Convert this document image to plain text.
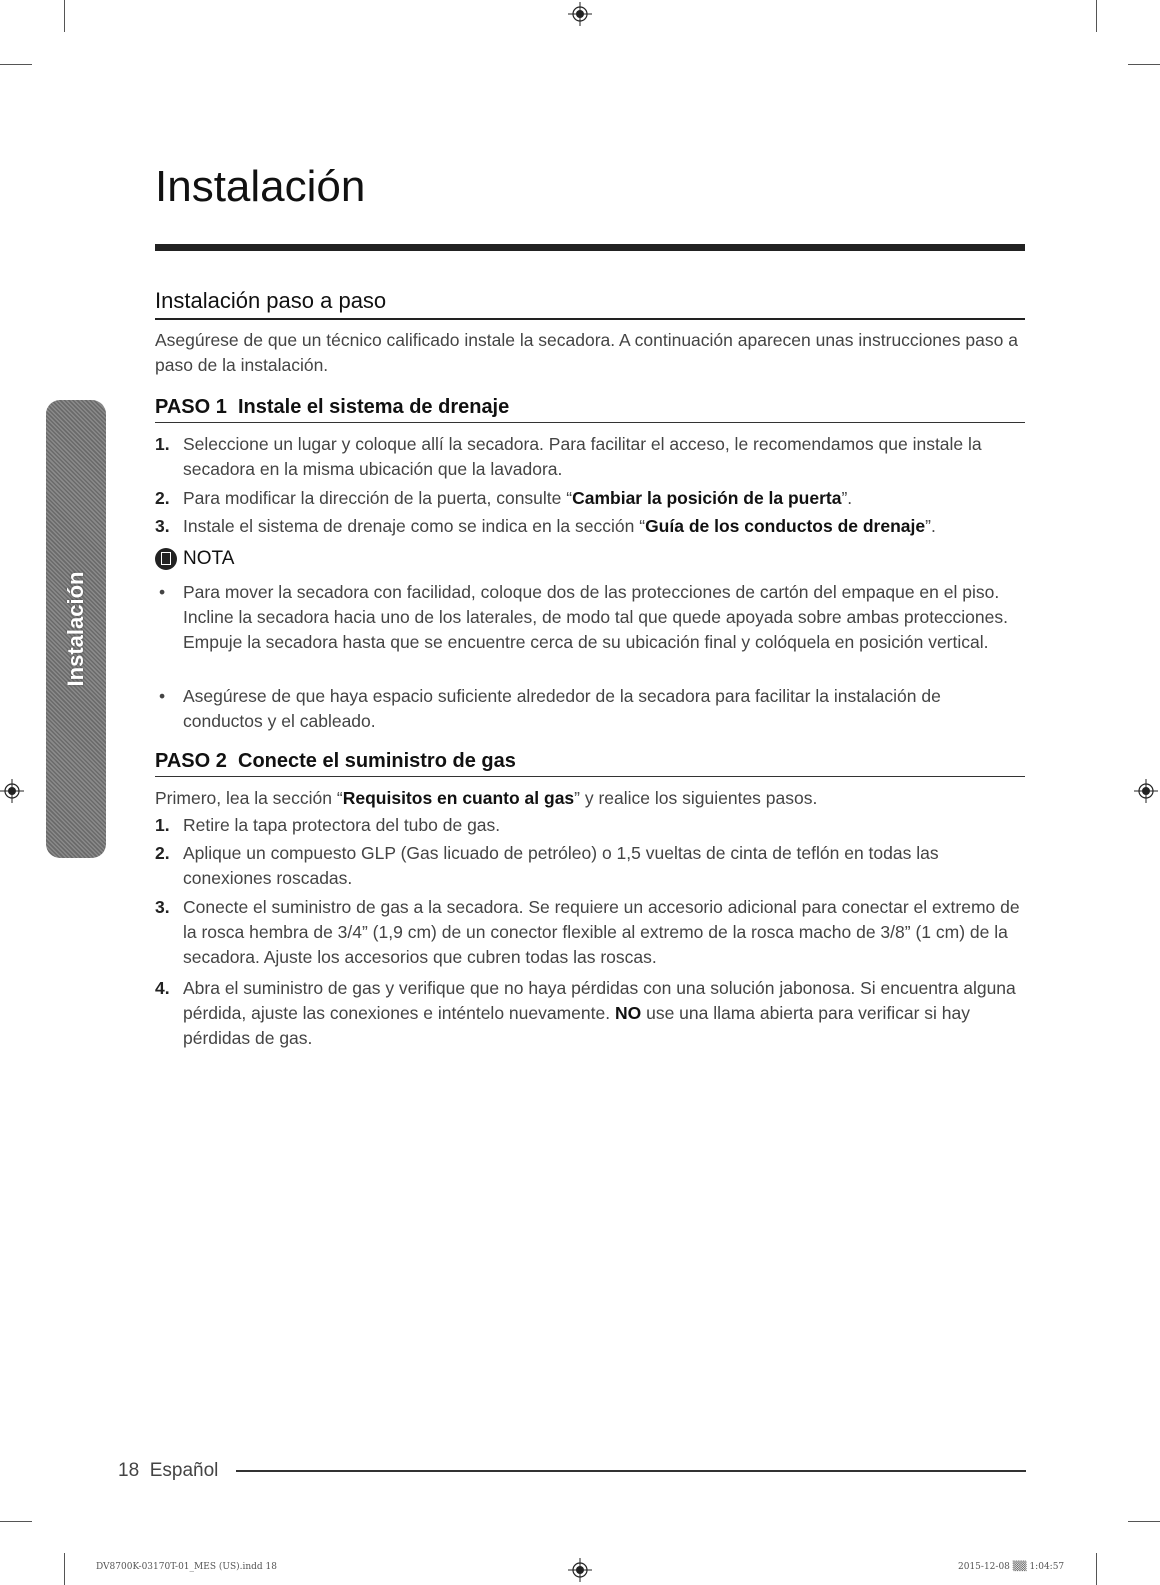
Instalación
Instalación
Instalación paso a paso
Asegúrese de que un técnico calificado instale la secadora. A continuación aparecen unas instrucciones paso a paso de la instalación.
PASO 1 Instale el sistema de drenaje
1. Seleccione un lugar y coloque allí la secadora. Para facilitar el acceso, le recomendamos que instale la secadora en la misma ubicación que la lavadora.
2. Para modificar la dirección de la puerta, consulte “Cambiar la posición de la puerta”.
3. Instale el sistema de drenaje como se indica en la sección “Guía de los conductos de drenaje”.
NOTA
• Para mover la secadora con facilidad, coloque dos de las protecciones de cartón del empaque en el piso. Incline la secadora hacia uno de los laterales, de modo tal que quede apoyada sobre ambas protecciones. Empuje la secadora hasta que se encuentre cerca de su ubicación final y colóquela en posición vertical.
• Asegúrese de que haya espacio suficiente alrededor de la secadora para facilitar la instalación de conductos y el cableado.
PASO 2 Conecte el suministro de gas
Primero, lea la sección “Requisitos en cuanto al gas” y realice los siguientes pasos.
1. Retire la tapa protectora del tubo de gas.
2. Aplique un compuesto GLP (Gas licuado de petróleo) o 1,5 vueltas de cinta de teflón en todas las conexiones roscadas.
3. Conecte el suministro de gas a la secadora. Se requiere un accesorio adicional para conectar el extremo de la rosca hembra de 3/4” (1,9 cm) de un conector flexible al extremo de la rosca macho de 3/8” (1 cm) de la secadora. Ajuste los accesorios que cubren todas las roscas.
4. Abra el suministro de gas y verifique que no haya pérdidas con una solución jabonosa. Si encuentra alguna pérdida, ajuste las conexiones e inténtelo nuevamente. NO use una llama abierta para verificar si hay pérdidas de gas.
18 Español
DV8700K-03170T-01_MES (US).indd 18	2015-12-08 ▒▒ 1:04:57
